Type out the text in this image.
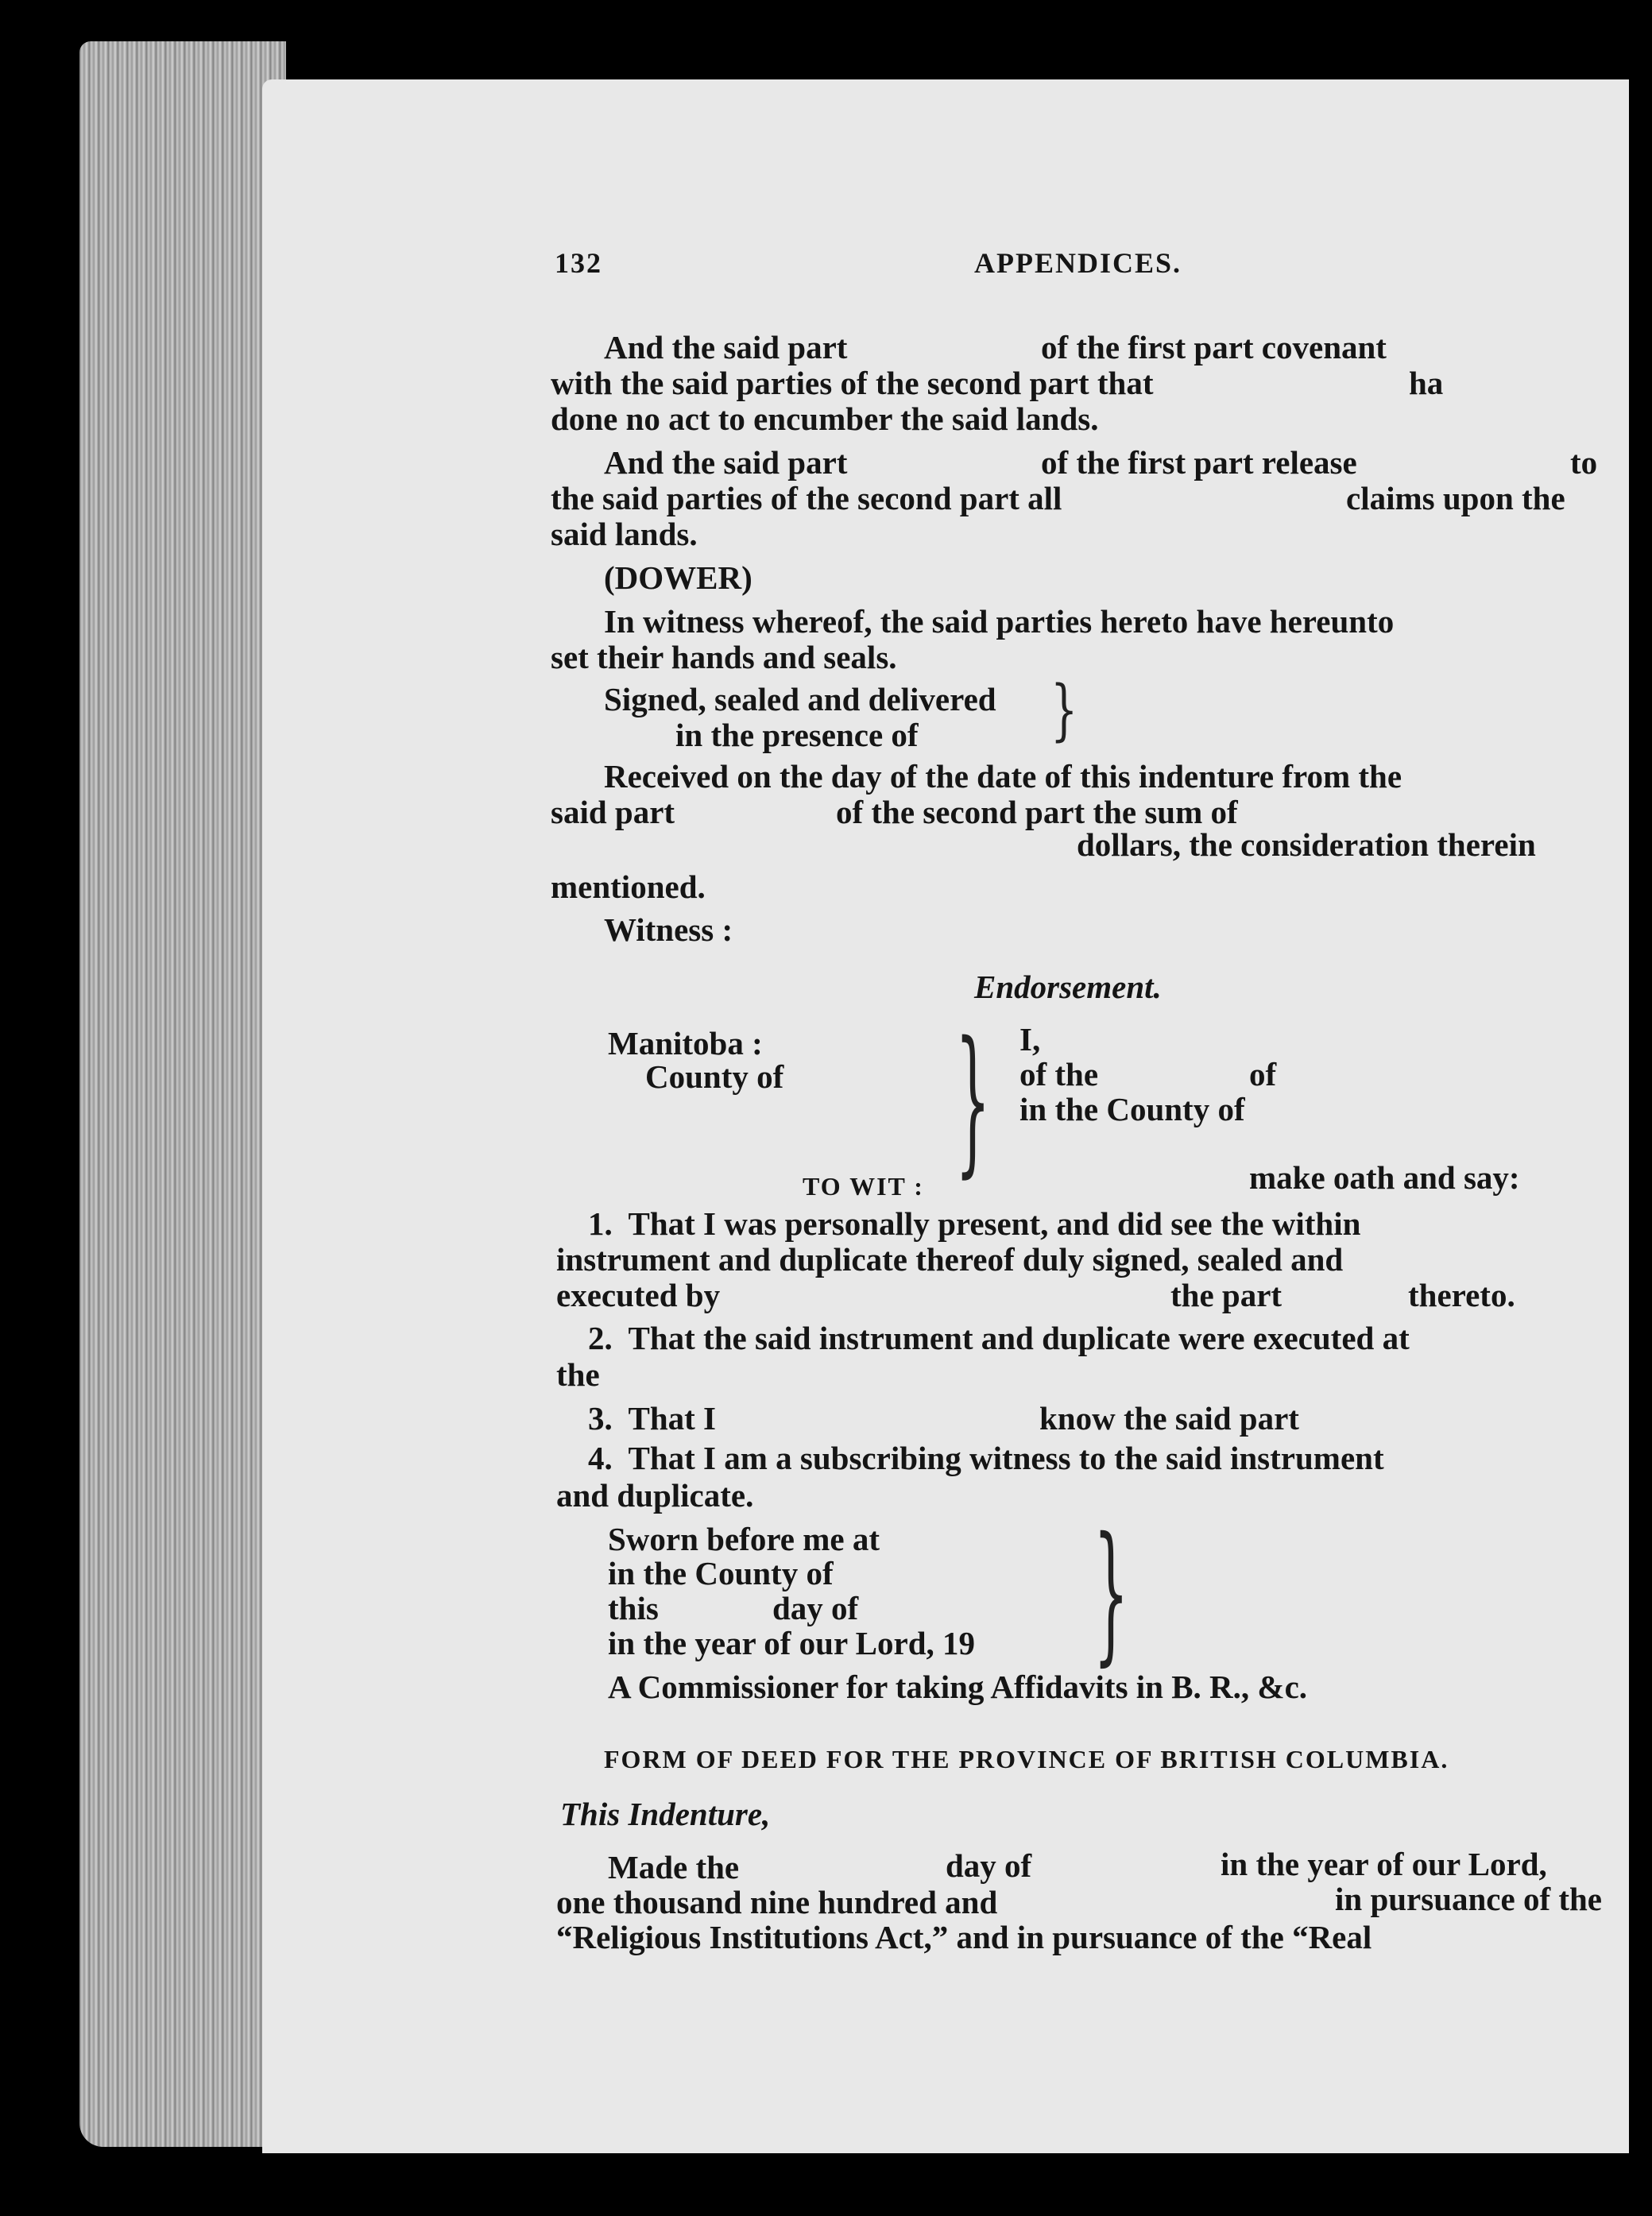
132	APPENDICES.
And the said part	of the first part covenant
with the said parties of the second part that	ha
done no act to encumber the said lands.
And the said part	of the first part release	to
the said parties of the second part all	claims upon the
said lands.
(DOWER)
In witness whereof, the said parties hereto have hereunto
set their hands and seals.
Signed, sealed and delivered
in the presence of	}
Received on the day of the date of this indenture from the
said part	of the second part the sum of
dollars, the consideration therein
mentioned.
Witness :
Endorsement.
Manitoba :	I,
County of	of the	of
in the County of
}
TO WIT :	make oath and say:
1.  That I was personally present, and did see the within
instrument and duplicate thereof duly signed, sealed and
executed by	the part	thereto.
2.  That the said instrument and duplicate were executed at
the
3.  That I	know the said part
4.  That I am a subscribing witness to the said instrument
and duplicate.
Sworn before me at
in the County of
this	day of
in the year of our Lord, 19 }
A Commissioner for taking Affidavits in B. R., &c.
FORM OF DEED FOR THE PROVINCE OF BRITISH COLUMBIA.
This Indenture,
Made the	day of	in the year of our Lord,
one thousand nine hundred and	in pursuance of the
“Religious Institutions Act,” and in pursuance of the “Real
